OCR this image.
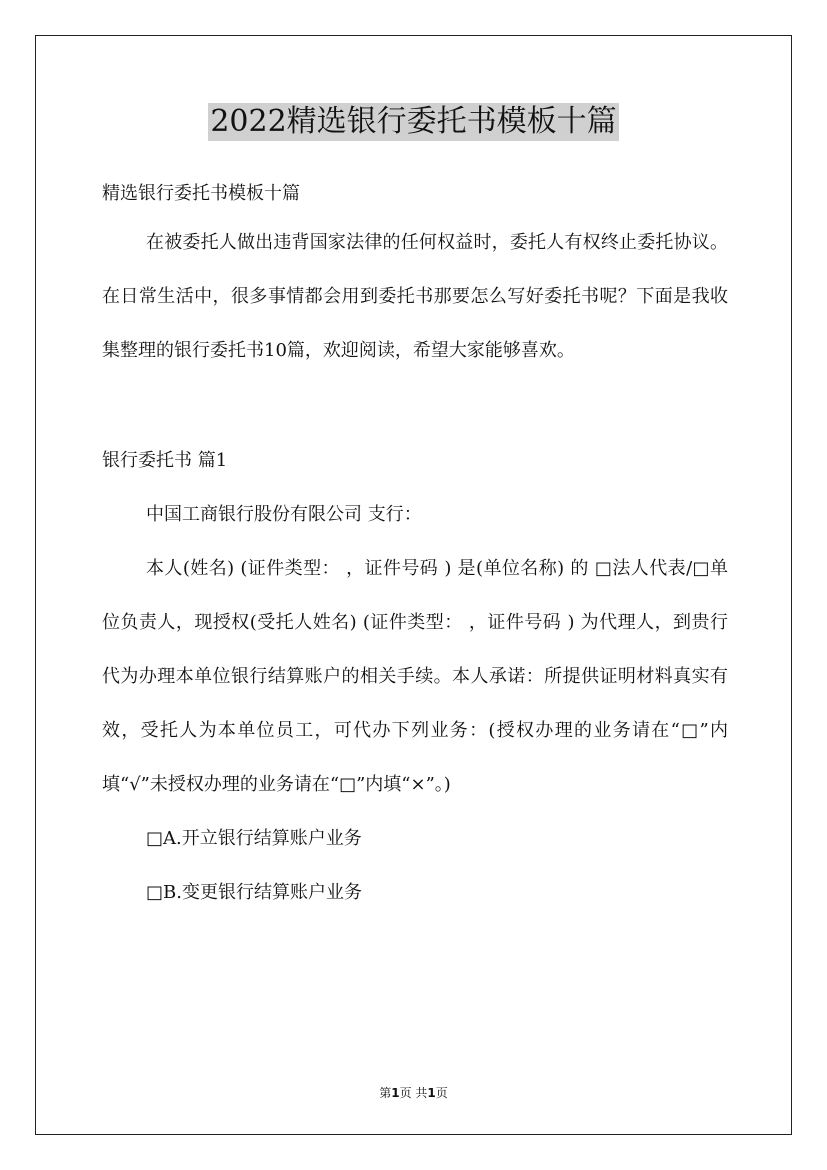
2022精选银行委托书模板十篇

精选银行委托书模板十篇

在被委托人做出违背国家法律的任何权益时，委托人有权终止委托协议。在日常生活中，很多事情都会用到委托书那要怎么写好委托书呢？下面是我收集整理的银行委托书10篇，欢迎阅读，希望大家能够喜欢。

银行委托书 篇1

中国工商银行股份有限公司 支行：

本人(姓名) (证件类型： ，证件号码 ) 是(单位名称) 的 □法人代表/□单位负责人，现授权(受托人姓名) (证件类型： ，证件号码 ) 为代理人，到贵行代为办理本单位银行结算账户的相关手续。本人承诺：所提供证明材料真实有效，受托人为本单位员工，可代办下列业务：(授权办理的业务请在“□”内填“√”未授权办理的业务请在“□”内填“×”。)

□A.开立银行结算账户业务

□B.变更银行结算账户业务

第1页 共1页
